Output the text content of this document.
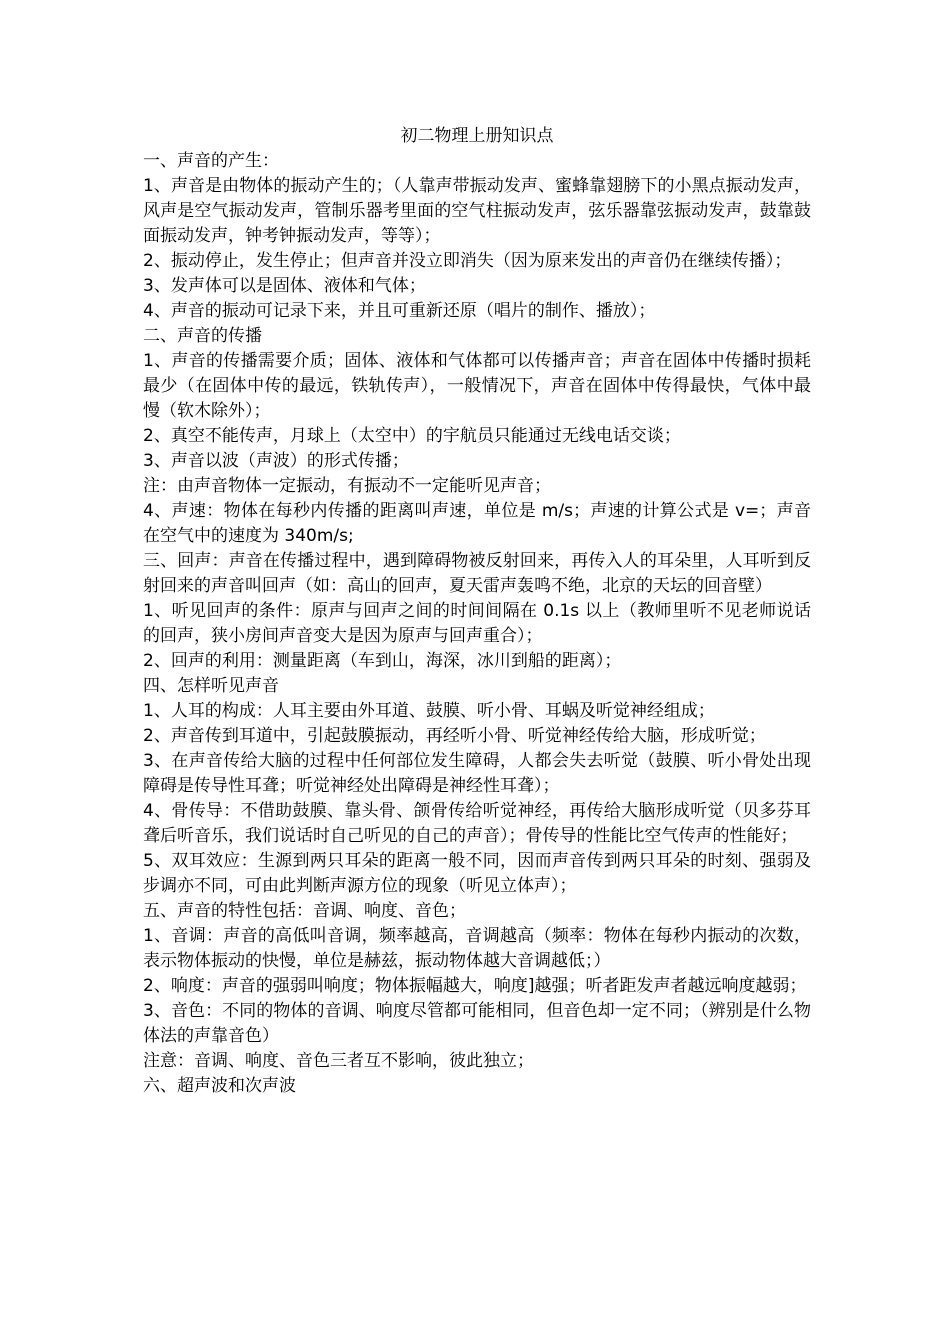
初二物理上册知识点

一、声音的产生：

1、声音是由物体的振动产生的；（人靠声带振动发声、蜜蜂靠翅膀下的小黑点振动发声，风声是空气振动发声，管制乐器考里面的空气柱振动发声，弦乐器靠弦振动发声，鼓靠鼓面振动发声，钟考钟振动发声，等等）；

2、振动停止，发生停止；但声音并没立即消失（因为原来发出的声音仍在继续传播）；

3、发声体可以是固体、液体和气体；

4、声音的振动可记录下来，并且可重新还原（唱片的制作、播放）；

二、声音的传播

1、声音的传播需要介质；固体、液体和气体都可以传播声音；声音在固体中传播时损耗最少（在固体中传的最远，铁轨传声），一般情况下，声音在固体中传得最快，气体中最慢（软木除外）；

2、真空不能传声，月球上（太空中）的宇航员只能通过无线电话交谈；

3、声音以波（声波）的形式传播；

注：由声音物体一定振动，有振动不一定能听见声音；

4、声速：物体在每秒内传播的距离叫声速，单位是 m/s；声速的计算公式是 v=；声音在空气中的速度为 340m/s;

三、回声：声音在传播过程中，遇到障碍物被反射回来，再传入人的耳朵里，人耳听到反射回来的声音叫回声（如：高山的回声，夏天雷声轰鸣不绝，北京的天坛的回音壁）

1、听见回声的条件：原声与回声之间的时间间隔在 0.1s 以上（教师里听不见老师说话的回声，狭小房间声音变大是因为原声与回声重合）；

2、回声的利用：测量距离（车到山，海深，冰川到船的距离）；

四、怎样听见声音

1、人耳的构成：人耳主要由外耳道、鼓膜、听小骨、耳蜗及听觉神经组成；

2、声音传到耳道中，引起鼓膜振动，再经听小骨、听觉神经传给大脑，形成听觉；

3、在声音传给大脑的过程中任何部位发生障碍，人都会失去听觉（鼓膜、听小骨处出现障碍是传导性耳聋；听觉神经处出障碍是神经性耳聋）；

4、骨传导：不借助鼓膜、靠头骨、颌骨传给听觉神经，再传给大脑形成听觉（贝多芬耳聋后听音乐，我们说话时自己听见的自己的声音）；骨传导的性能比空气传声的性能好；

5、双耳效应：生源到两只耳朵的距离一般不同，因而声音传到两只耳朵的时刻、强弱及步调亦不同，可由此判断声源方位的现象（听见立体声）；

五、声音的特性包括：音调、响度、音色；

1、音调：声音的高低叫音调，频率越高，音调越高（频率：物体在每秒内振动的次数，表示物体振动的快慢，单位是赫兹，振动物体越大音调越低；）

2、响度：声音的强弱叫响度；物体振幅越大，响度]越强；听者距发声者越远响度越弱；

3、音色：不同的物体的音调、响度尽管都可能相同，但音色却一定不同；（辨别是什么物体法的声靠音色）

注意：音调、响度、音色三者互不影响，彼此独立；

六、超声波和次声波
